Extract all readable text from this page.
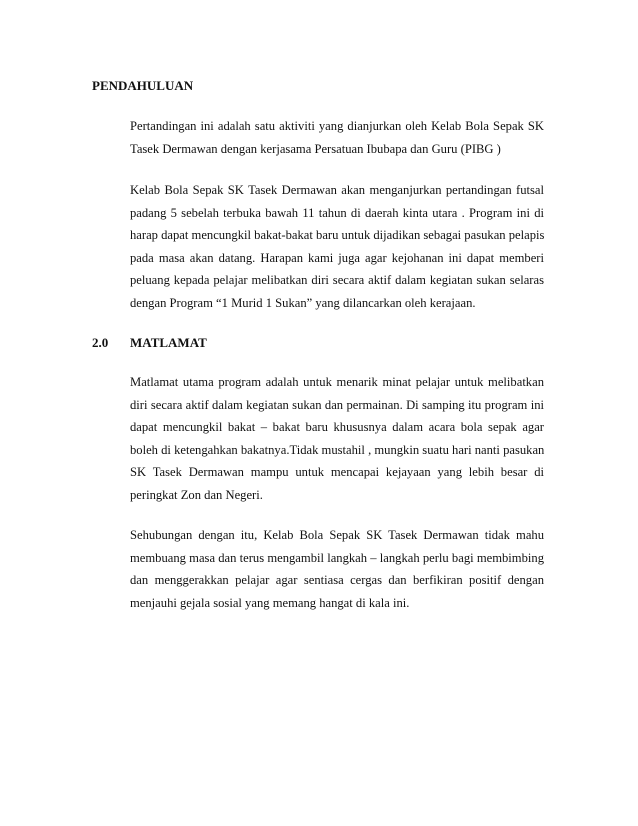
PENDAHULUAN
Pertandingan ini adalah satu aktiviti yang dianjurkan oleh Kelab Bola Sepak SK
Tasek Dermawan dengan kerjasama Persatuan Ibubapa dan Guru (PIBG )
Kelab Bola Sepak SK Tasek Dermawan akan menganjurkan pertandingan futsal
padang 5 sebelah terbuka bawah 11 tahun di daerah kinta utara . Program ini di
harap dapat mencungkil bakat-bakat baru untuk dijadikan sebagai pasukan pelapis
pada masa akan datang. Harapan kami juga agar kejohanan ini dapat memberi
peluang kepada pelajar melibatkan diri secara aktif dalam kegiatan sukan selaras
dengan Program “1 Murid 1 Sukan” yang dilancarkan oleh kerajaan.
2.0 MATLAMAT
Matlamat utama program adalah untuk menarik minat pelajar untuk melibatkan
diri secara aktif dalam kegiatan sukan dan permainan. Di samping itu program ini
dapat mencungkil bakat – bakat baru khususnya dalam acara bola sepak agar
boleh di ketengahkan bakatnya.Tidak mustahil , mungkin suatu hari nanti pasukan
SK Tasek Dermawan mampu untuk mencapai kejayaan yang lebih besar di
peringkat Zon dan Negeri.
Sehubungan dengan itu, Kelab Bola Sepak SK Tasek Dermawan tidak mahu
membuang masa dan terus mengambil langkah – langkah perlu bagi membimbing
dan menggerakkan pelajar agar sentiasa cergas dan berfikiran positif dengan
menjauhi gejala sosial yang memang hangat di kala ini.
